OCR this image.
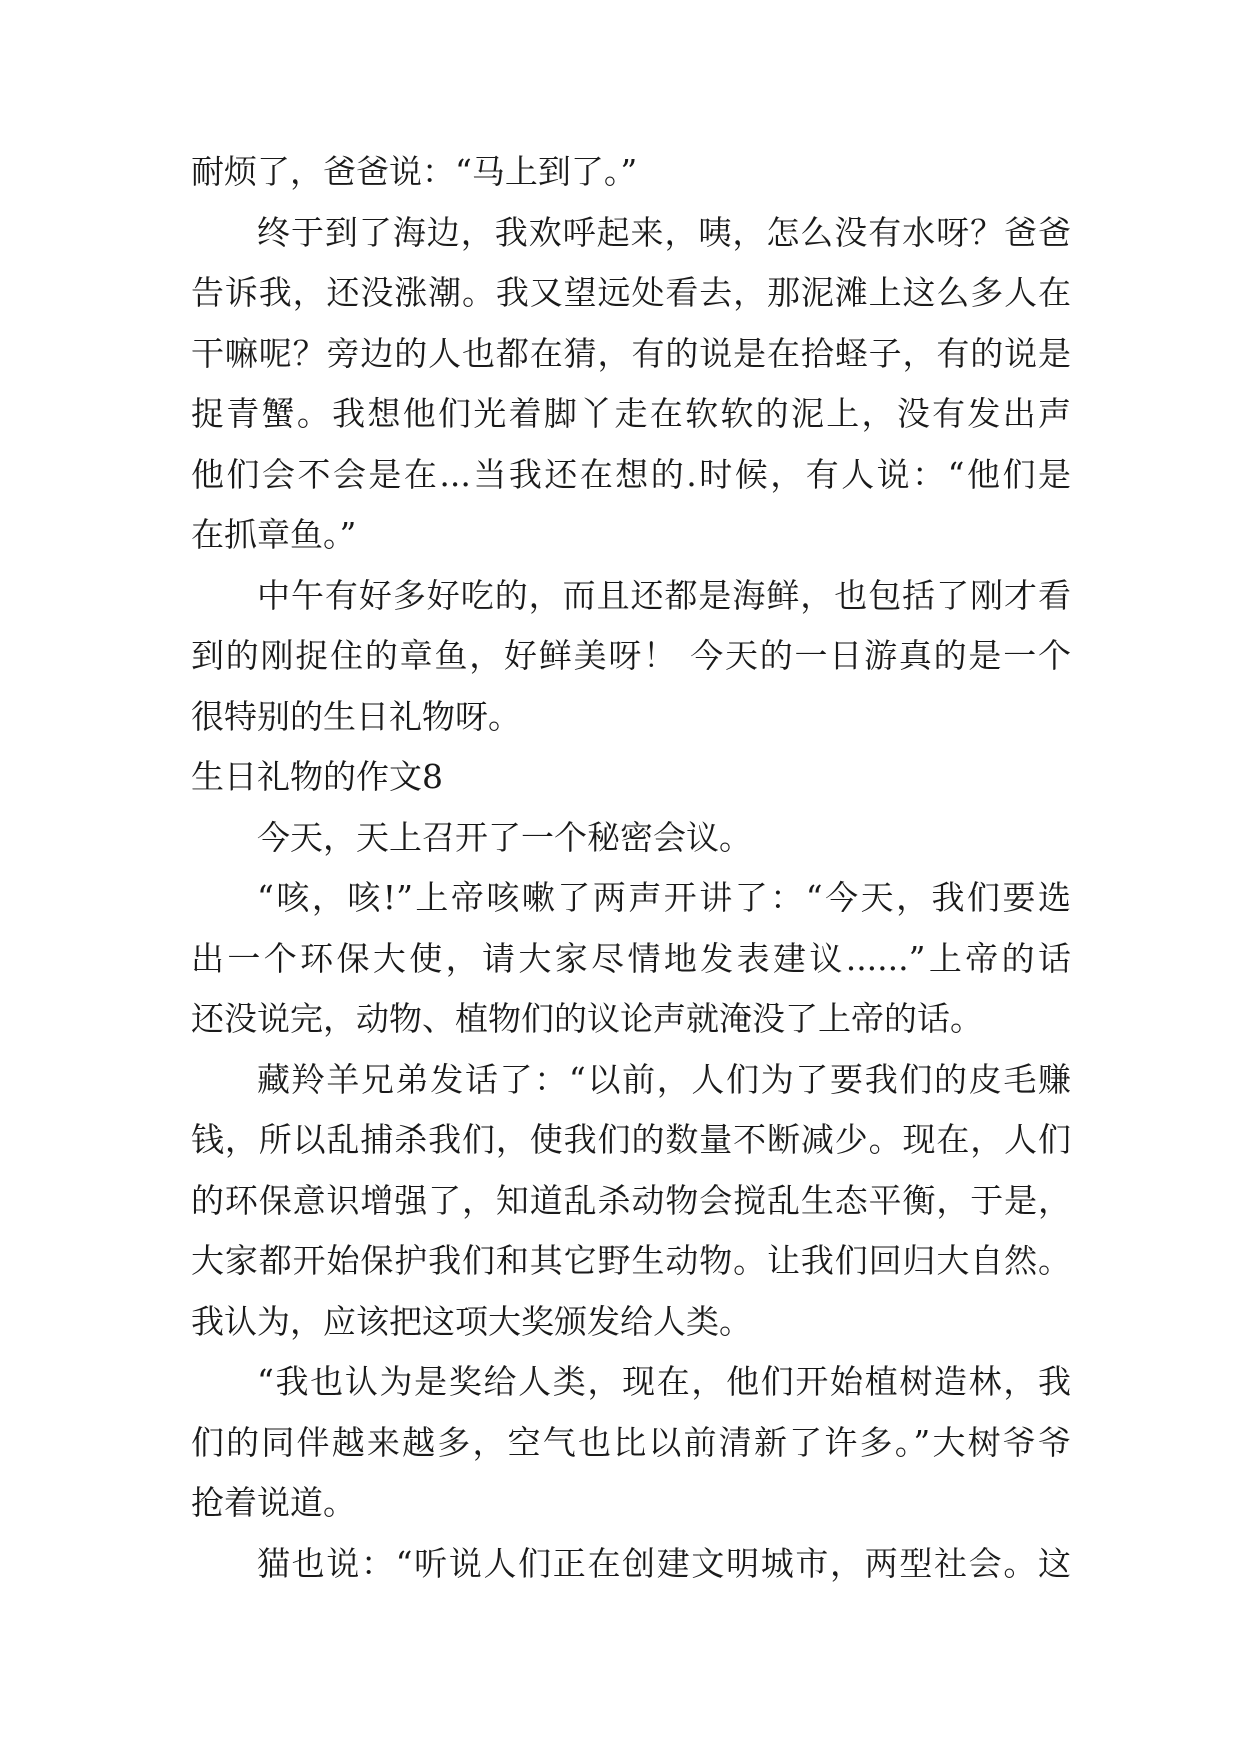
耐烦了，爸爸说：“马上到了。”
终于到了海边，我欢呼起来，咦，怎么没有水呀？爸爸
告诉我，还没涨潮。我又望远处看去，那泥滩上这么多人在
干嘛呢？旁边的人也都在猜，有的说是在拾蛏子，有的说是
捉青蟹。我想他们光着脚丫走在软软的泥上，没有发出声
他们会不会是在...当我还在想的.时候，有人说：“他们是
在抓章鱼。”
中午有好多好吃的，而且还都是海鲜，也包括了刚才看
到的刚捉住的章鱼，好鲜美呀！ 今天的一日游真的是一个
很特别的生日礼物呀。
生日礼物的作文8
今天，天上召开了一个秘密会议。
“咳，咳!”上帝咳嗽了两声开讲了：“今天，我们要选
出一个环保大使，请大家尽情地发表建议......”上帝的话
还没说完，动物、植物们的议论声就淹没了上帝的话。
藏羚羊兄弟发话了：“以前，人们为了要我们的皮毛赚
钱，所以乱捕杀我们，使我们的数量不断减少。现在，人们
的环保意识增强了，知道乱杀动物会搅乱生态平衡，于是，
大家都开始保护我们和其它野生动物。让我们回归大自然。
我认为，应该把这项大奖颁发给人类。
“我也认为是奖给人类，现在，他们开始植树造林，我
们的同伴越来越多，空气也比以前清新了许多。”大树爷爷
抢着说道。
猫也说：“听说人们正在创建文明城市，两型社会。这
